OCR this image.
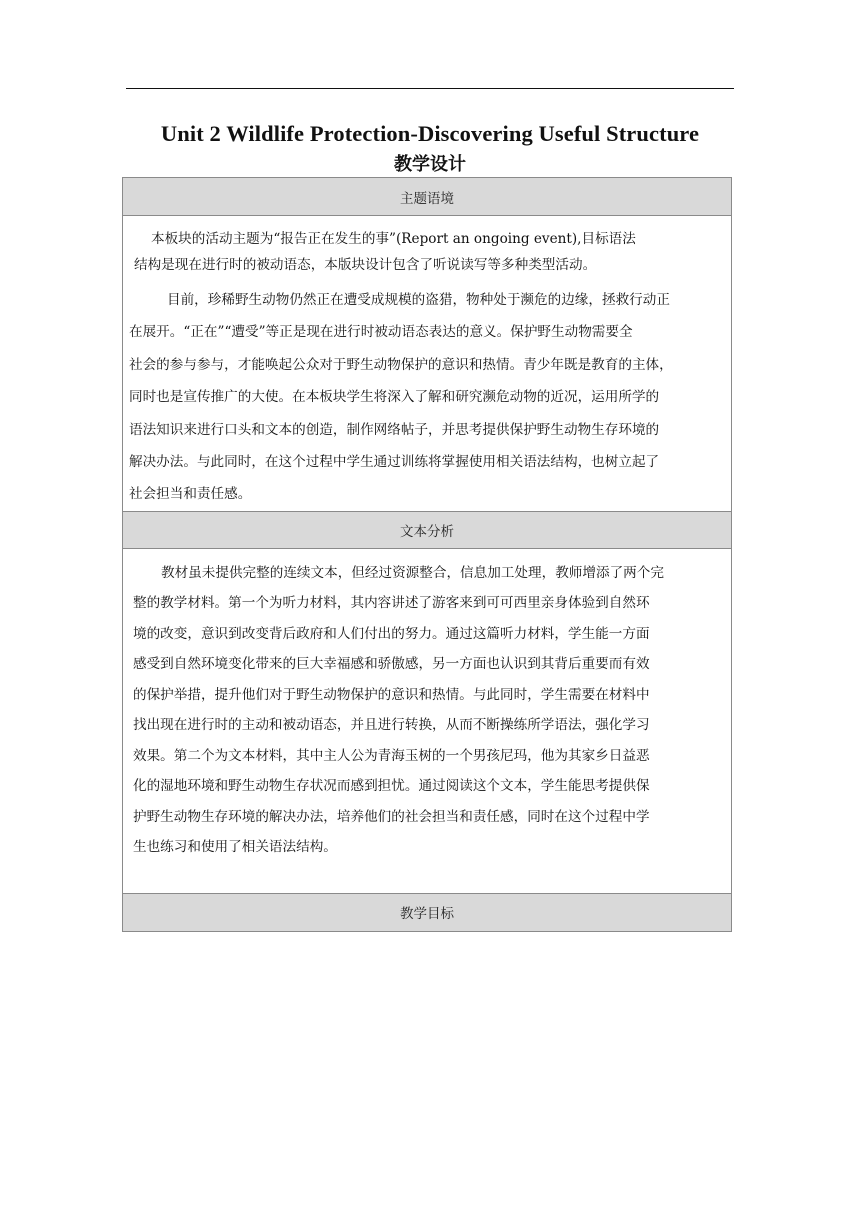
Unit 2 Wildlife Protection-Discovering Useful Structure
教学设计
主题语境

本板块的活动主题为“报告正在发生的事”(Report an ongoing event),目标语法

结构是现在进行时的被动语态，本版块设计包含了听说读写等多种类型活动。

目前，珍稀野生动物仍然正在遭受成规模的盗猎，物种处于濒危的边缘，拯救行动正

在展开。“正在”“遭受”等正是现在进行时被动语态表达的意义。保护野生动物需要全

社会的参与参与，才能唤起公众对于野生动物保护的意识和热情。青少年既是教育的主体，

同时也是宣传推广的大使。在本板块学生将深入了解和研究濒危动物的近况，运用所学的

语法知识来进行口头和文本的创造，制作网络帖子，并思考提供保护野生动物生存环境的

解决办法。与此同时，在这个过程中学生通过训练将掌握使用相关语法结构，也树立起了

社会担当和责任感。

文本分析

教材虽未提供完整的连续文本，但经过资源整合，信息加工处理，教师增添了两个完

整的教学材料。第一个为听力材料，其内容讲述了游客来到可可西里亲身体验到自然环

境的改变，意识到改变背后政府和人们付出的努力。通过这篇听力材料，学生能一方面

感受到自然环境变化带来的巨大幸福感和骄傲感，另一方面也认识到其背后重要而有效

的保护举措，提升他们对于野生动物保护的意识和热情。与此同时，学生需要在材料中

找出现在进行时的主动和被动语态，并且进行转换，从而不断操练所学语法，强化学习

效果。第二个为文本材料，其中主人公为青海玉树的一个男孩尼玛，他为其家乡日益恶

化的湿地环境和野生动物生存状况而感到担忧。通过阅读这个文本，学生能思考提供保

护野生动物生存环境的解决办法，培养他们的社会担当和责任感，同时在这个过程中学

生也练习和使用了相关语法结构。

教学目标
